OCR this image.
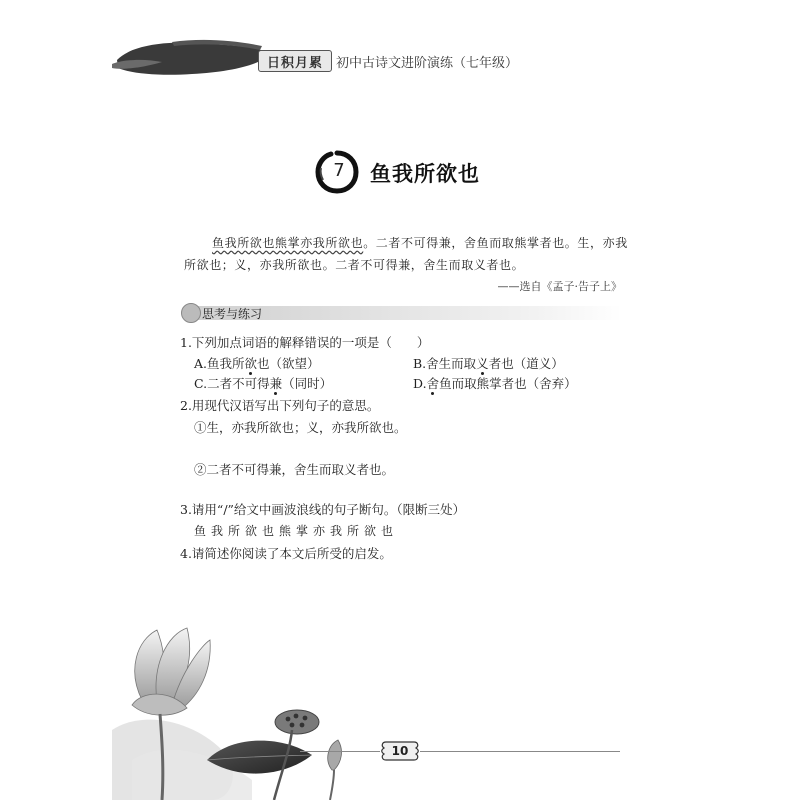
日积月累	初中古诗文进阶演练（七年级）
7 鱼我所欲也
鱼我所欲也熊掌亦我所欲也。二者不可得兼，舍鱼而取熊掌者也。生，亦我
所欲也；义，亦我所欲也。二者不可得兼，舍生而取义者也。
——选自《孟子·告子上》
思考与练习
1.下列加点词语的解释错误的一项是（　　）
A.鱼我所欲也（欲望）	B.舍生而取义者也（道义）
C.二者不可得兼（同时）	D.舍鱼而取熊掌者也（舍弃）
2.用现代汉语写出下列句子的意思。
①生，亦我所欲也；义，亦我所欲也。
②二者不可得兼，舍生而取义者也。
3.请用“/”给文中画波浪线的句子断句。（限断三处）
鱼我所欲也熊掌亦我所欲也
4.请简述你阅读了本文后所受的启发。
10
